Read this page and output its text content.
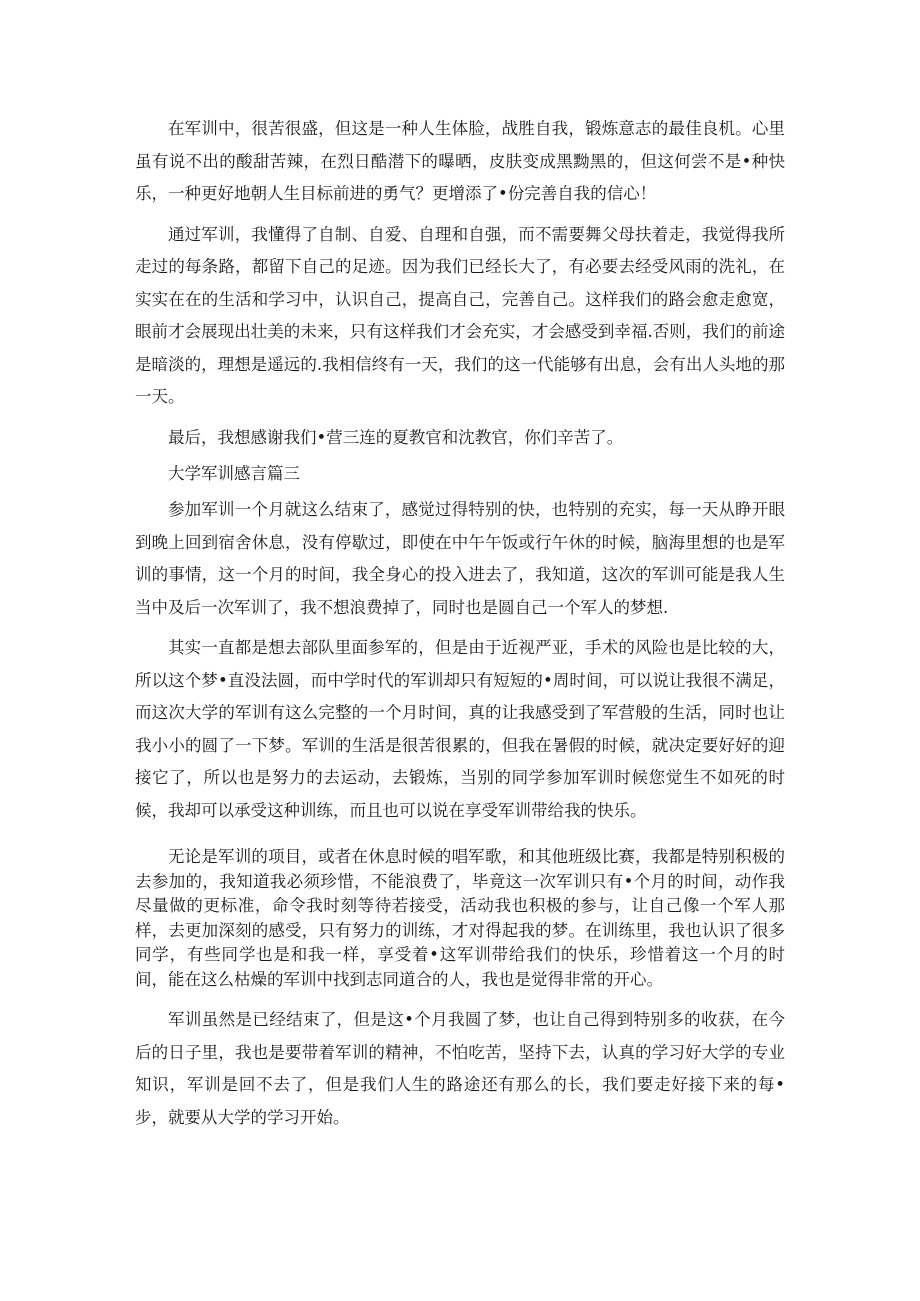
在军训中，很苦很盛，但这是一种人生体脸，战胜自我，锻炼意志的最佳良机。心里虽有说不出的酸甜苦辣，在烈日酷潜下的曝晒，皮肤变成黑黝黑的，但这何尝不是•种快乐，一种更好地朝人生目标前进的勇气？更增添了•份完善自我的信心！

通过军训，我懂得了自制、自爱、自理和自强，而不需要舞父母扶着走，我觉得我所走过的每条路，都留下自己的足迹。因为我们已经长大了，有必要去经受风雨的洗礼，在实实在在的生活和学习中，认识自己，提高自己，完善自己。这样我们的路会愈走愈宽，眼前才会展现出壮美的未来，只有这样我们才会充实，才会感受到幸福.否则，我们的前途是暗淡的，理想是遥远的.我相信终有一天，我们的这一代能够有出息，会有出人头地的那一天。

最后，我想感谢我们•营三连的夏教官和沈教官，你们辛苦了。

大学军训感言篇三

参加军训一个月就这么结束了，感觉过得特别的快，也特别的充实，每一天从睁开眼到晚上回到宿舍休息，没有停歇过，即使在中午午饭或行午休的时候，脑海里想的也是军训的事情，这一个月的时间，我全身心的投入进去了，我知道，这次的军训可能是我人生当中及后一次军训了，我不想浪费掉了，同时也是圆自己一个军人的梦想.

其实一直都是想去部队里面参军的，但是由于近视严亚，手术的风险也是比较的大，所以这个梦•直没法圆，而中学时代的军训却只有短短的•周时间，可以说让我很不满足，而这次大学的军训有这么完整的一个月时间，真的让我感受到了军营般的生活，同时也让我小小的圆了一下梦。军训的生活是很苦很累的，但我在暑假的时候，就决定要好好的迎接它了，所以也是努力的去运动，去锻炼，当别的同学参加军训时候您觉生不如死的时候，我却可以承受这种训练，而且也可以说在享受军训带给我的快乐。

无论是军训的项目，或者在休息时候的唱军歌，和其他班级比赛，我都是特别积极的去参加的，我知道我必须珍惜，不能浪费了，毕竟这一次军训只有•个月的时间，动作我尽量做的更标准，命令我时刻等待若接受，活动我也积极的参与，让自己像一个军人那样，去更加深刻的感受，只有努力的训练，才对得起我的梦。在训练里，我也认识了很多同学，有些同学也是和我一样，享受着•这军训带给我们的快乐，珍惜着这一个月的时间，能在这么枯燥的军训中找到志同道合的人，我也是觉得非常的开心。

军训虽然是已经结束了，但是这•个月我圆了梦，也让自己得到特别多的收获，在今后的日子里，我也是要带着军训的精神，不怕吃苦，坚持下去，认真的学习好大学的专业知识，军训是回不去了，但是我们人生的路途还有那么的长，我们要走好接下来的每•步，就要从大学的学习开始。
